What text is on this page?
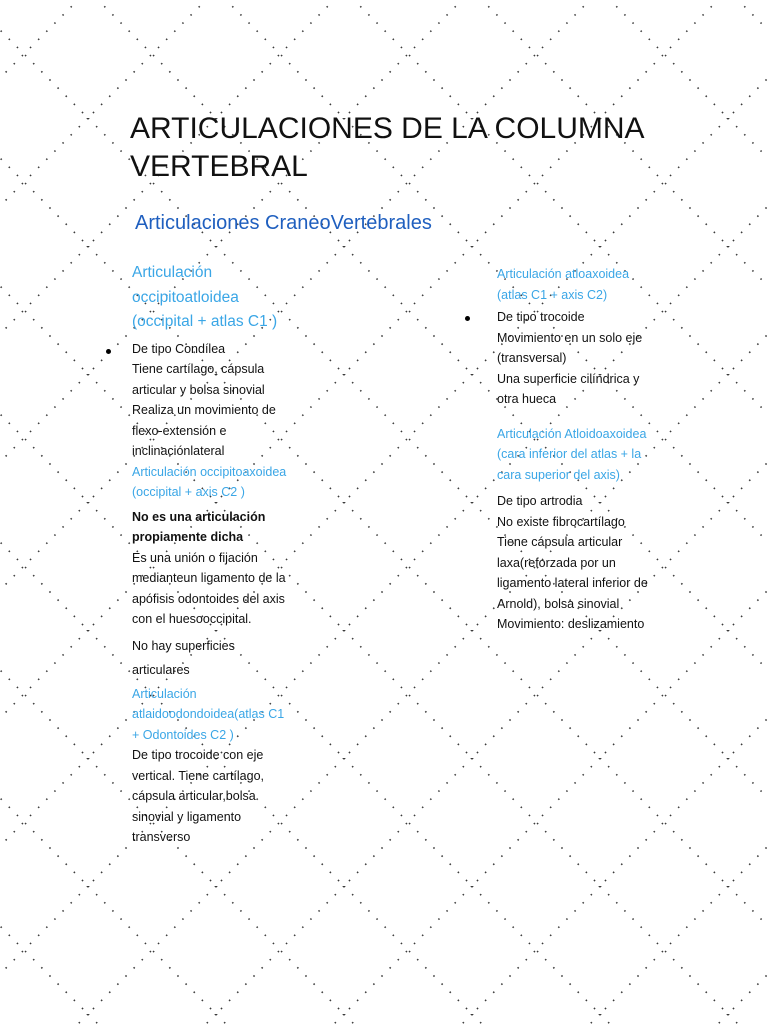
ARTICULACIONES DE LA COLUMNA VERTEBRAL
Articulaciones CraneoVertebrales
Articulación occipitoatloidea (occipital + atlas C1 )
De tipo Condílea
Tiene cartílago, cápsula articular y bolsa sinovial
Realiza un movimiento de flexo-extensión e inclinaciónlateral
Articulación occipitoaxoidea (occipital + axis C2 )
No es una articulación propiamente dicha
Es una unión o fijación medianteun ligamento de la apófisis odontoides del axis con el huesooccipital.
No hay superficies articulares
Articulación atlaidoodondoidea(atlas C1 + Odontoides C2 )
De tipo trocoide con eje vertical. Tiene cartílago, cápsula articular,bolsa sinovial y ligamento transverso
Articulación atloaxoidea (atlas C1 + axis C2)
De tipo trocoide
Movimiento en un solo eje (transversal)
Una superficie cilíndrica y otra hueca
Articulación Atloidoaxoidea (cara inferior del atlas + la cara superior del axis)
De tipo artrodia
No existe fibrocartílago
Tiene cápsula articular laxa(reforzada por un ligamento lateral inferior de Arnold), bolsa sinovial
Movimiento: deslizamiento
